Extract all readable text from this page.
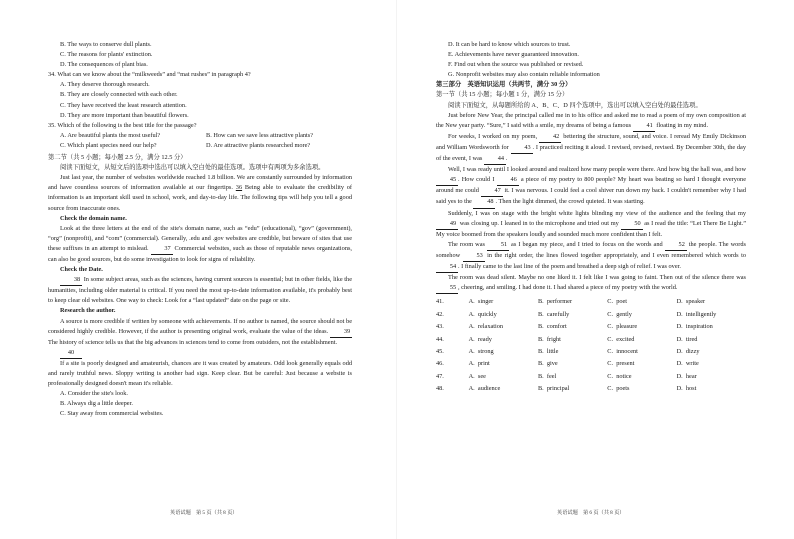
B. The ways to conserve dull plants.
C. The reasons for plants' extinction.
D. The consequences of plant bias.
34. What can we know about the “milkweeds” and “mat rushes” in paragraph 4?
A. They deserve thorough research.
B. They are closely connected with each other.
C. They have received the least research attention.
D. They are more important than beautiful flowers.
35. Which of the following is the best title for the passage?
A. Are beautiful plants the most useful?	B. How can we save less attractive plants?
C. Which plant species need our help?	D. Are attractive plants researched more?
第二节（共 5 小题；每小题 2.5 分，满分 12.5 分）
阅读下面短文，从短文后的选项中选出可以填入空白处的最佳选项。选项中有两项为多余选项。
Just last year, the number of websites worldwide reached 1.8 billion. We are constantly surrounded by information and have countless sources of information available at our fingertips. 36 Being able to evaluate the credibility of information is an important skill used in school, work, and day-to-day life. The following tips will help you tell a good source from inaccurate ones.
Check the domain name.
Look at the three letters at the end of the site's domain name, such as “edu” (educational), “gov” (government), “org” (nonprofit), and “com” (commercial). Generally, .edu and .gov websites are credible, but beware of sites that use these suffixes in an attempt to mislead.	37 Commercial websites, such as those of reputable news organizations, can also be good sources, but do some investigation to look for signs of reliability.
Check the Date.
38 In some subject areas, such as the sciences, having current sources is essential; but in other fields, like the humanities, including older material is critical. If you need the most up-to-date information available, it's probably best to keep clear old websites. One way to check: Look for a “last updated” date on the page or site.
Research the author.
A source is more credible if written by someone with achievements. If no author is named, the source should not be considered highly credible. However, if the author is presenting original work, evaluate the value of the ideas. 39 The history of science tells us that the big advances in sciences tend to come from outsiders, not the establishment.
40
If a site is poorly designed and amateurish, chances are it was created by amateurs. Odd look generally equals odd and rarely truthful news. Sloppy writing is another bad sign. Keep clear. But be careful: Just because a website is professionally designed doesn't mean it's reliable.
A. Consider the site's look.
B. Always dig a little deeper.
C. Stay away from commercial websites.
英语试题　第 5 页（共 8 页）
D. It can be hard to know which sources to trust.
E. Achievements have never guaranteed innovation.
F. Find out when the source was published or revised.
G. Nonprofit websites may also contain reliable information
第三部分　英语知识运用（共两节，满分 30 分）
第一节（共 15 小题；每小题 1 分，满分 15 分）
阅读下面短文，从每题所给的 A、B、C、D 四个选项中，选出可以填入空白处的最佳选项。
Just before New Year, the principal called me in to his office and asked me to read a poem of my own composition at the New year party. “Sure,” I said with a smile, my dreams of being a famous 41 floating in my mind.
For weeks, I worked on my poem, 42 bettering the structure, sound, and voice. I reread My Emily Dickinson and William Wordsworth for 43 . I practiced reciting it aloud. I revised, revised, revised. By December 30th, the day of the event, I was 44 .
Well, I was ready until I looked around and realized how many people were there. And how big the hall was, and how 45 . How could I 46 a piece of my poetry to 800 people? My heart was beating so hard I thought everyone around me could 47 it. I was nervous. I could feel a cool shiver run down my back. I couldn't remember why I had said yes to the 48 . Then the light dimmed, the crowd quieted. It was starting.
Suddenly, I was on stage with the bright white lights blinding my view of the audience and the feeling that my 49 was closing up. I leaned in to the microphone and tried out my 50 as I read the title: “Let There Be Light.” My voice boomed from the speakers loudly and sounded much more confident than I felt.
The room was 51 as I began my piece, and I tried to focus on the words and 52 the people. The words somehow 53 in the right order, the lines flowed together appropriately, and I even remembered which words to 54 . I finally came to the last line of the poem and breathed a deep sigh of relief. I was over.
The room was dead silent. Maybe no one liked it. I felt like I was going to faint. Then out of the silence there was 55 , cheering, and smiling. I had done it. I had shared a piece of my poetry with the world.
41.	A.  singer	B.  performer	C.  poet	D.  speaker
42.	A.  quickly	B.  carefully	C.  gently	D.  intelligently
43.	A.  relaxation	B.  comfort	C.  pleasure	D.  inspiration
44.	A.  ready	B.  fright	C.  excited	D.  tired
45.	A.  strong	B.  little	C.  innocent	D.  dizzy
46.	A.  print	B.  give	C.  present	D.  write
47.	A.  see	B.  feel	C.  notice	D.  hear
48.	A.  audience	B.  principal	C.  poets	D.  host
英语试题　第 6 页（共 8 页）
